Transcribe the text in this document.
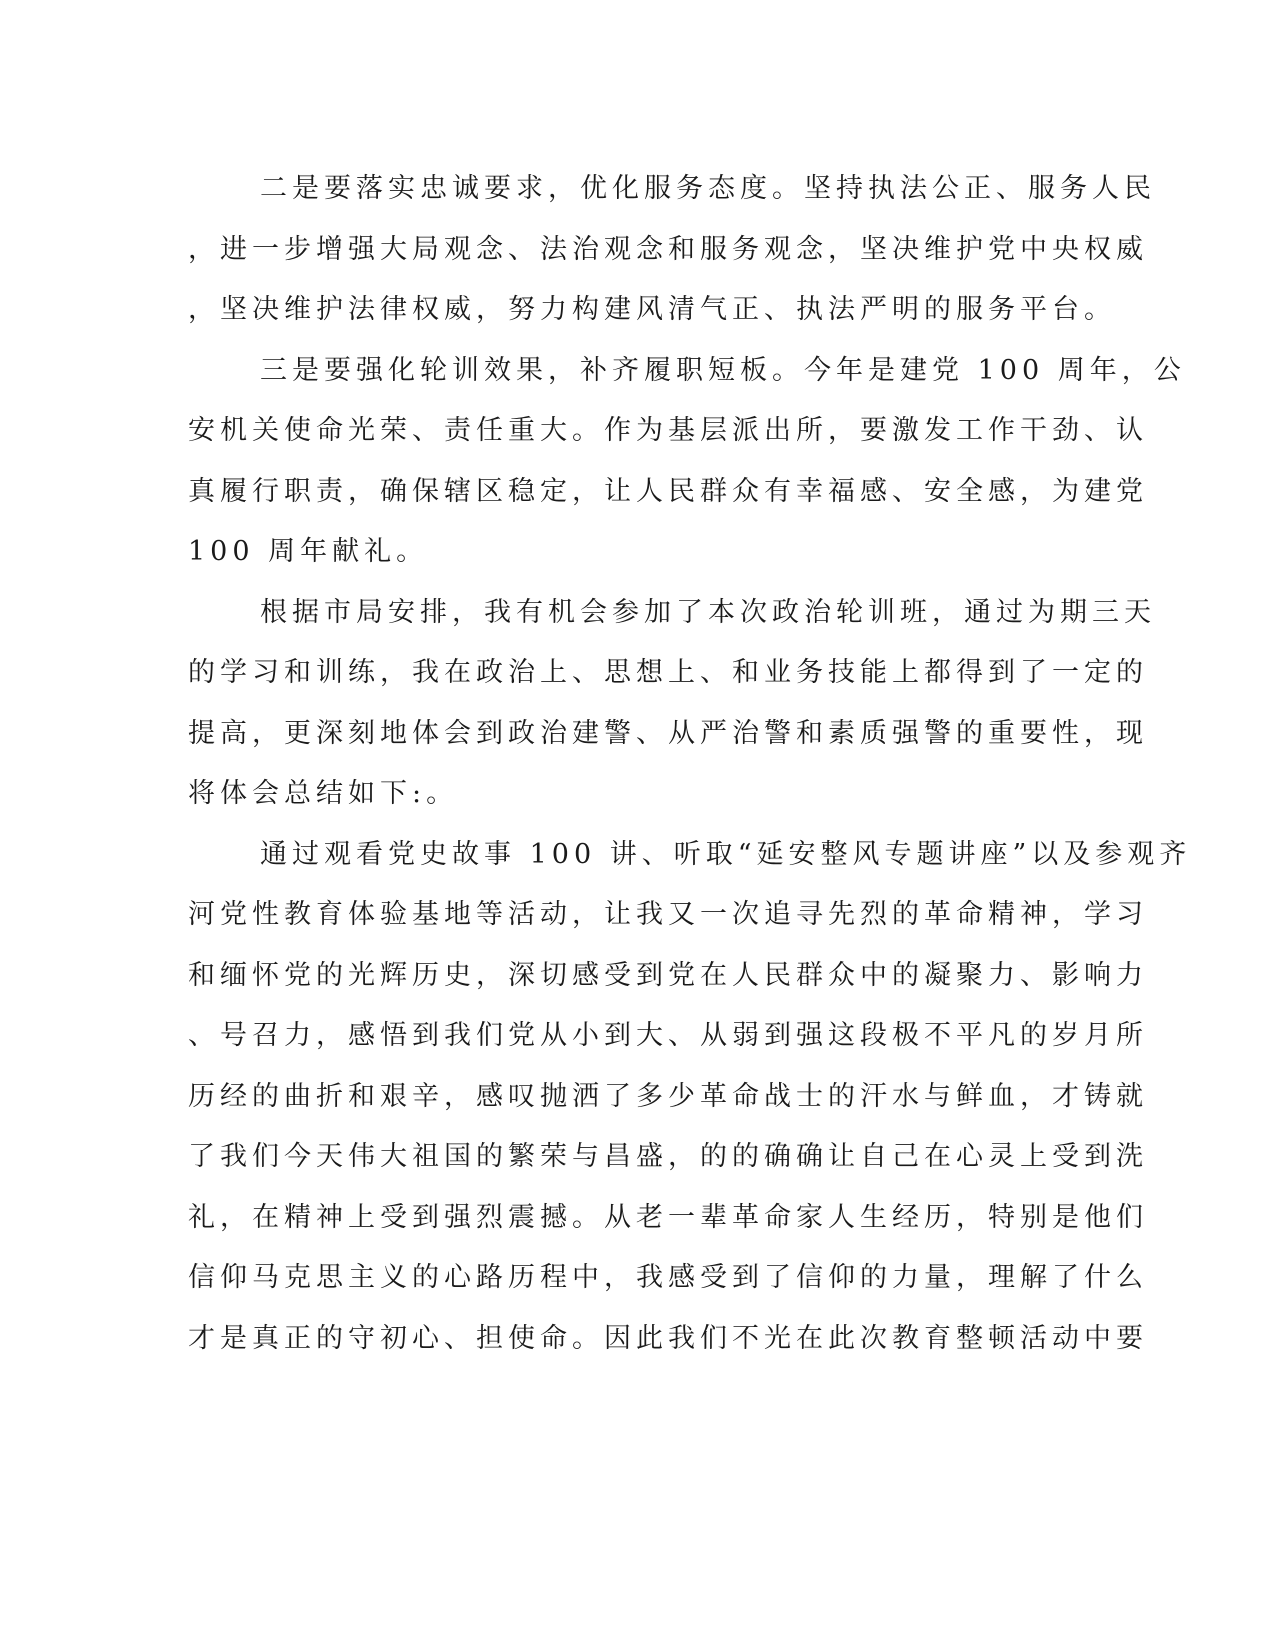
二是要落实忠诚要求，优化服务态度。坚持执法公正、服务人民
，进一步增强大局观念、法治观念和服务观念，坚决维护党中央权威
，坚决维护法律权威，努力构建风清气正、执法严明的服务平台。
三是要强化轮训效果，补齐履职短板。今年是建党 100 周年，公
安机关使命光荣、责任重大。作为基层派出所，要激发工作干劲、认
真履行职责，确保辖区稳定，让人民群众有幸福感、安全感，为建党
100 周年献礼。
根据市局安排，我有机会参加了本次政治轮训班，通过为期三天
的学习和训练，我在政治上、思想上、和业务技能上都得到了一定的
提高，更深刻地体会到政治建警、从严治警和素质强警的重要性，现
将体会总结如下:。
通过观看党史故事 100 讲、听取“延安整风专题讲座”以及参观齐
河党性教育体验基地等活动，让我又一次追寻先烈的革命精神，学习
和缅怀党的光辉历史，深切感受到党在人民群众中的凝聚力、影响力
、号召力，感悟到我们党从小到大、从弱到强这段极不平凡的岁月所
历经的曲折和艰辛，感叹抛洒了多少革命战士的汗水与鲜血，才铸就
了我们今天伟大祖国的繁荣与昌盛，的的确确让自己在心灵上受到洗
礼，在精神上受到强烈震撼。从老一辈革命家人生经历，特别是他们
信仰马克思主义的心路历程中，我感受到了信仰的力量，理解了什么
才是真正的守初心、担使命。因此我们不光在此次教育整顿活动中要
